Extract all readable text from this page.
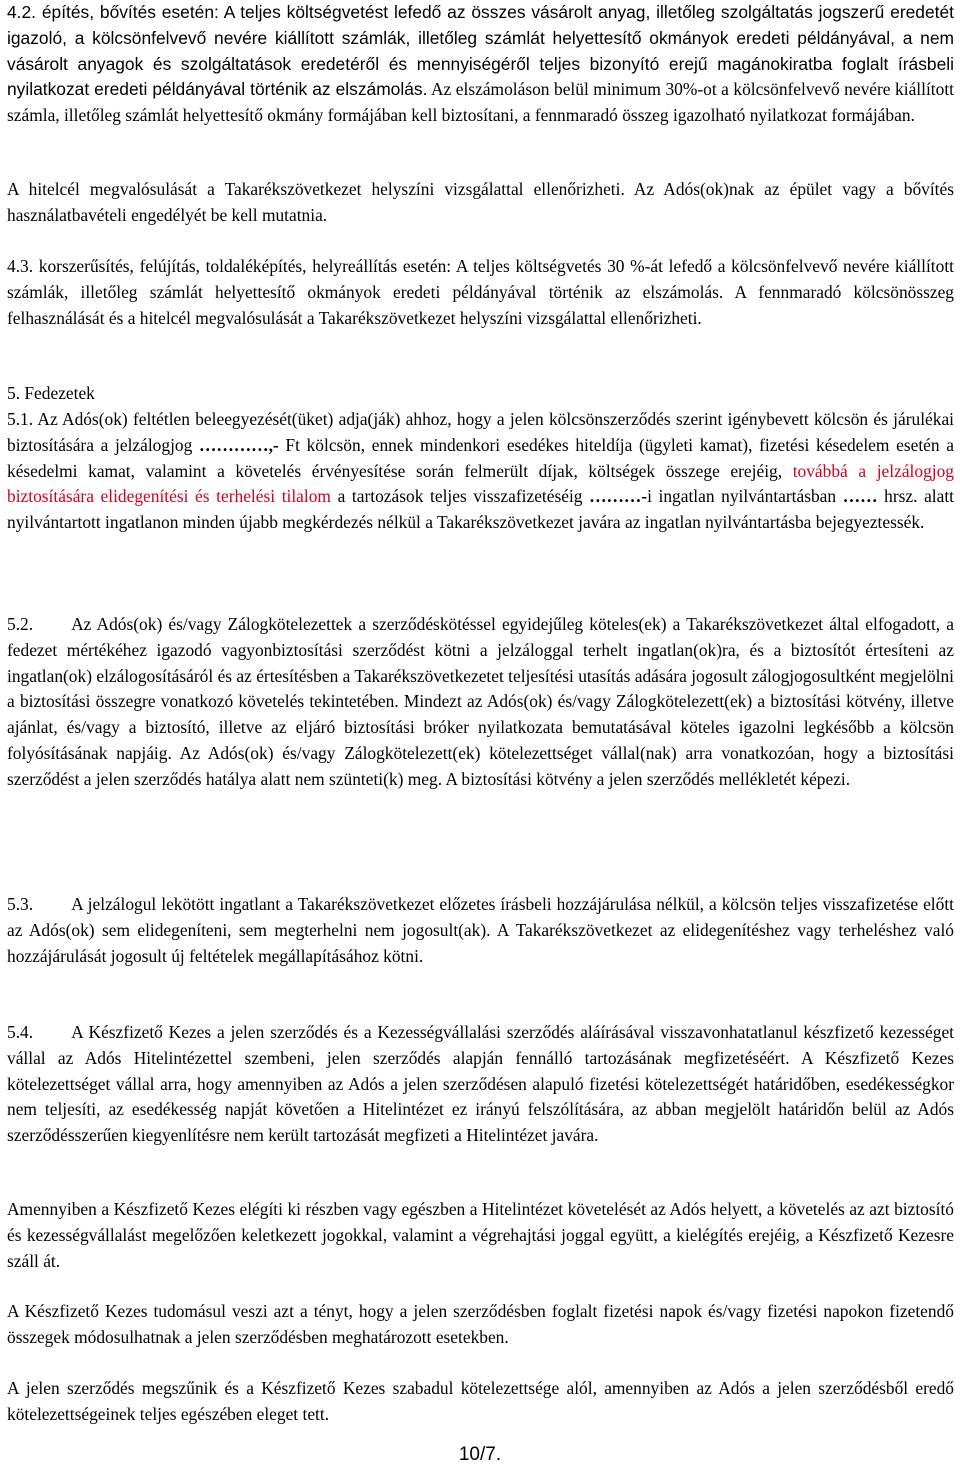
4.2. építés, bővítés esetén: A teljes költségvetést lefedő az összes vásárolt anyag, illetőleg szolgáltatás jogszerű eredetét igazoló, a kölcsönfelvevő nevére kiállított számlák, illetőleg számlát helyettesítő okmányok eredeti példányával, a nem vásárolt anyagok és szolgáltatások eredetéről és mennyiségéről teljes bizonyító erejű magánokiratba foglalt írásbeli nyilatkozat eredeti példányával történik az elszámolás. Az elszámoláson belül minimum 30%-ot a kölcsönfelvevő nevére kiállított számla, illetőleg számlát helyettesítő okmány formájában kell biztosítani, a fennmaradó összeg igazolható nyilatkozat formájában.
A hitelcél megvalósulását a Takarékszövetkezet helyszíni vizsgálattal ellenőrizheti. Az Adós(ok)nak az épület vagy a bővítés használatbavételi engedélyét be kell mutatnia.
4.3. korszerűsítés, felújítás, toldaléképítés, helyreállítás esetén: A teljes költségvetés 30 %-át lefedő a kölcsönfelvevő nevére kiállított számlák, illetőleg számlát helyettesítő okmányok eredeti példányával történik az elszámolás. A fennmaradó kölcsönösszeg felhasználását és a hitelcél megvalósulását a Takarékszövetkezet helyszíni vizsgálattal ellenőrizheti.
5. Fedezetek
5.1. Az Adós(ok) feltétlen beleegyezését(üket) adja(ják) ahhoz, hogy a jelen kölcsönszerződés szerint igénybevett kölcsön és járulékai biztosítására a jelzálogjog …………,- Ft kölcsön, ennek mindenkori esedékes hiteldíja (ügyleti kamat), fizetési késedelem esetén a késedelmi kamat, valamint a követelés érvényesítése során felmerült díjak, költségek összege erejéig, továbbá a jelzálogjog biztosítására elidegenítési és terhelési tilalom a tartozások teljes visszafizetéséig ………-i ingatlan nyilvántartásban …… hrsz. alatt nyilvántartott ingatlanon minden újabb megkérdezés nélkül a Takarékszövetkezet javára az ingatlan nyilvántartásba bejegyeztessék.
5.2. Az Adós(ok) és/vagy Zálogkötelezettek a szerződéskötéssel egyidejűleg köteles(ek) a Takarékszövetkezet által elfogadott, a fedezet mértékéhez igazodó vagyonbiztosítási szerződést kötni a jelzáloggal terhelt ingatlan(ok)ra, és a biztosítót értesíteni az ingatlan(ok) elzálogosításáról és az értesítésben a Takarékszövetkezetet teljesítési utasítás adására jogosult zálogjogosultként megjelölni a biztosítási összegre vonatkozó követelés tekintetében. Mindezt az Adós(ok) és/vagy Zálogkötelezett(ek) a biztosítási kötvény, illetve ajánlat, és/vagy a biztosító, illetve az eljáró biztosítási bróker nyilatkozata bemutatásával köteles igazolni legkésőbb a kölcsön folyósításának napjáig. Az Adós(ok) és/vagy Zálogkötelezett(ek) kötelezettséget vállal(nak) arra vonatkozóan, hogy a biztosítási szerződést a jelen szerződés hatálya alatt nem szünteti(k) meg. A biztosítási kötvény a jelen szerződés mellékletét képezi.
5.3. A jelzálogul lekötött ingatlant a Takarékszövetkezet előzetes írásbeli hozzájárulása nélkül, a kölcsön teljes visszafizetése előtt az Adós(ok) sem elidegeníteni, sem megterhelni nem jogosult(ak). A Takarékszövetkezet az elidegenítéshez vagy terheléshez való hozzájárulását jogosult új feltételek megállapításához kötni.
5.4. A Készfizető Kezes a jelen szerződés és a Kezességvállalási szerződés aláírásával visszavonhatatlanul készfizető kezességet vállal az Adós Hitelintézettel szembeni, jelen szerződés alapján fennálló tartozásának megfizetéséért. A Készfizető Kezes kötelezettséget vállal arra, hogy amennyiben az Adós a jelen szerződésen alapuló fizetési kötelezettségét határidőben, esedékességkor nem teljesíti, az esedékesség napját követően a Hitelintézet ez irányú felszólítására, az abban megjelölt határidőn belül az Adós szerződésszerűen kiegyenlítésre nem került tartozását megfizeti a Hitelintézet javára.
Amennyiben a Készfizető Kezes elégíti ki részben vagy egészben a Hitelintézet követelését az Adós helyett, a követelés az azt biztosító és kezességvállalást megelőzően keletkezett jogokkal, valamint a végrehajtási joggal együtt, a kielégítés erejéig, a Készfizető Kezesre száll át.
A Készfizető Kezes tudomásul veszi azt a tényt, hogy a jelen szerződésben foglalt fizetési napok és/vagy fizetési napokon fizetendő összegek módosulhatnak a jelen szerződésben meghatározott esetekben.
A jelen szerződés megszűnik és a Készfizető Kezes szabadul kötelezettsége alól, amennyiben az Adós a jelen szerződésből eredő kötelezettségeinek teljes egészében eleget tett.
10/7.
